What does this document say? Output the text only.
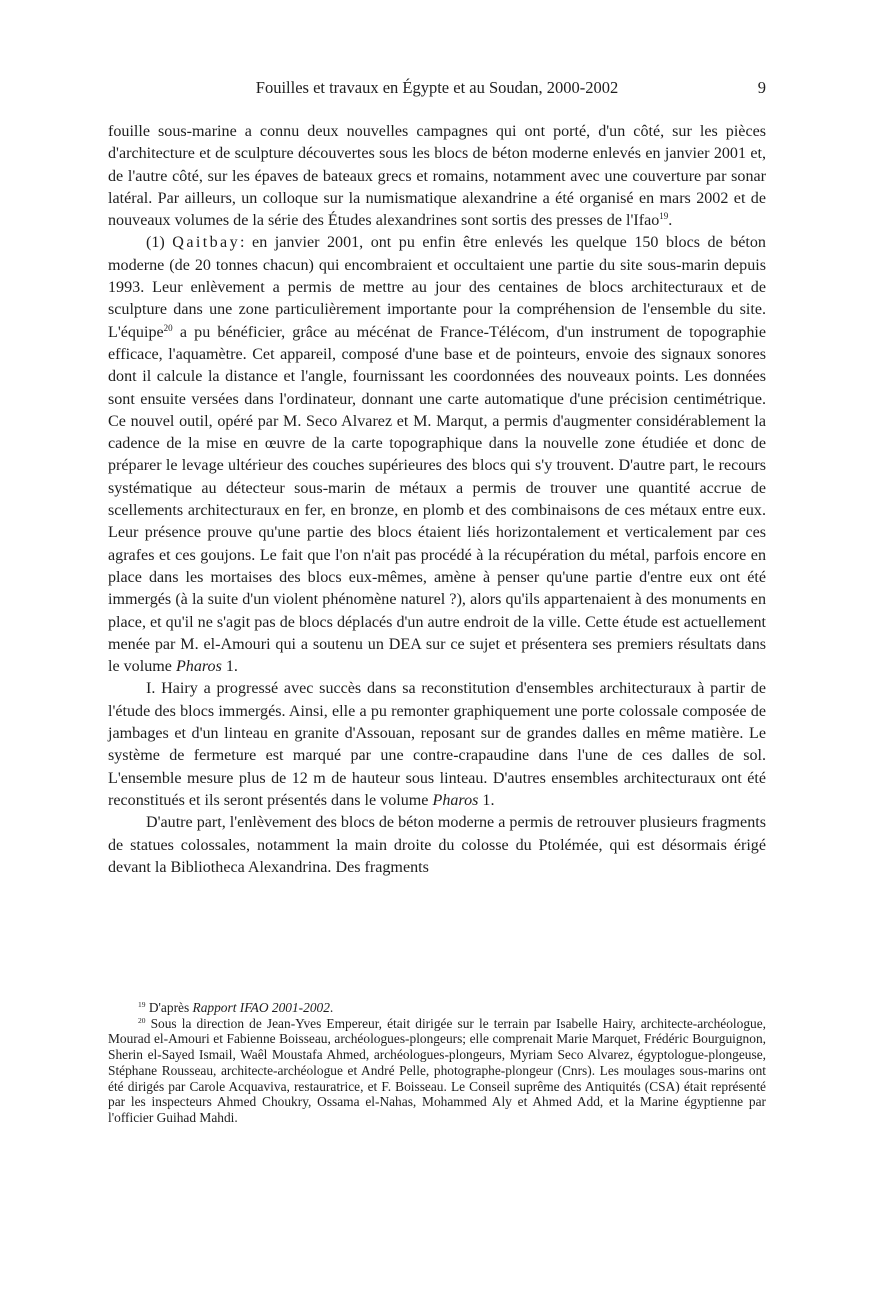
Fouilles et travaux en Égypte et au Soudan, 2000-2002	9

fouille sous-marine a connu deux nouvelles campagnes qui ont porté, d'un côté, sur les pièces d'architecture et de sculpture découvertes sous les blocs de béton moderne enlevés en janvier 2001 et, de l'autre côté, sur les épaves de bateaux grecs et romains, notamment avec une couverture par sonar latéral. Par ailleurs, un colloque sur la numismatique alexandrine a été organisé en mars 2002 et de nouveaux volumes de la série des Études alexandrines sont sortis des presses de l'Ifao$^{19}$.

(1) Qaitbay: en janvier 2001, ont pu enfin être enlevés les quelque 150 blocs de béton moderne (de 20 tonnes chacun) qui encombraient et occultaient une partie du site sous-marin depuis 1993. Leur enlèvement a permis de mettre au jour des centaines de blocs architecturaux et de sculpture dans une zone particulièrement importante pour la compréhension de l'ensemble du site. L'équipe$^{20}$ a pu bénéficier, grâce au mécénat de France-Télécom, d'un instrument de topographie efficace, l'aquamètre. Cet appareil, composé d'une base et de pointeurs, envoie des signaux sonores dont il calcule la distance et l'angle, fournissant les coordonnées des nouveaux points. Les données sont ensuite versées dans l'ordinateur, donnant une carte automatique d'une précision centimétrique. Ce nouvel outil, opéré par M. Seco Alvarez et M. Marqut, a permis d'augmenter considérablement la cadence de la mise en œuvre de la carte topographique dans la nouvelle zone étudiée et donc de préparer le levage ultérieur des couches supérieures des blocs qui s'y trouvent. D'autre part, le recours systématique au détecteur sous-marin de métaux a permis de trouver une quantité accrue de scellements architecturaux en fer, en bronze, en plomb et des combinaisons de ces métaux entre eux. Leur présence prouve qu'une partie des blocs étaient liés horizontalement et verticalement par ces agrafes et ces goujons. Le fait que l'on n'ait pas procédé à la récupération du métal, parfois encore en place dans les mortaises des blocs eux-mêmes, amène à penser qu'une partie d'entre eux ont été immergés (à la suite d'un violent phénomène naturel ?), alors qu'ils appartenaient à des monuments en place, et qu'il ne s'agit pas de blocs déplacés d'un autre endroit de la ville. Cette étude est actuellement menée par M. el-Amouri qui a soutenu un DEA sur ce sujet et présentera ses premiers résultats dans le volume Pharos 1.

I. Hairy a progressé avec succès dans sa reconstitution d'ensembles architecturaux à partir de l'étude des blocs immergés. Ainsi, elle a pu remonter graphiquement une porte colossale composée de jambages et d'un linteau en granite d'Assouan, reposant sur de grandes dalles en même matière. Le système de fermeture est marqué par une contre-crapaudine dans l'une de ces dalles de sol. L'ensemble mesure plus de 12 m de hauteur sous linteau. D'autres ensembles architecturaux ont été reconstitués et ils seront présentés dans le volume Pharos 1.

D'autre part, l'enlèvement des blocs de béton moderne a permis de retrouver plusieurs fragments de statues colossales, notamment la main droite du colosse du Ptolémée, qui est désormais érigé devant la Bibliotheca Alexandrina. Des fragments

$^{19}$ D'après Rapport IFAO 2001-2002.

$^{20}$ Sous la direction de Jean-Yves Empereur, était dirigée sur le terrain par Isabelle Hairy, architecte-archéologue, Mourad el-Amouri et Fabienne Boisseau, archéologues-plongeurs; elle comprenait Marie Marquet, Frédéric Bourguignon, Sherin el-Sayed Ismail, Waêl Moustafa Ahmed, archéologues-plongeurs, Myriam Seco Alvarez, égyptologue-plongeuse, Stéphane Rousseau, architecte-archéologue et André Pelle, photographe-plongeur (Cnrs). Les moulages sous-marins ont été dirigés par Carole Acquaviva, restauratrice, et F. Boisseau. Le Conseil suprême des Antiquités (CSA) était représenté par les inspecteurs Ahmed Choukry, Ossama el-Nahas, Mohammed Aly et Ahmed Add, et la Marine égyptienne par l'officier Guihad Mahdi.
